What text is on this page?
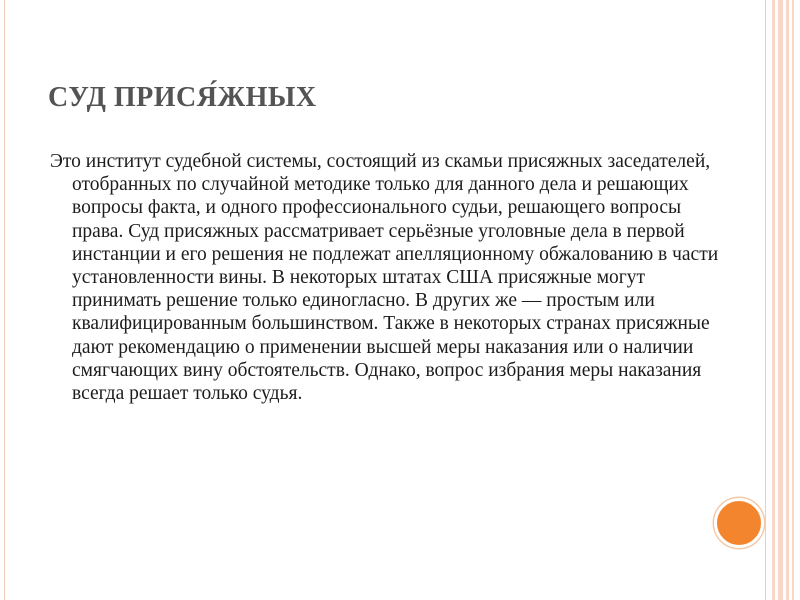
СУД ПРИСЯ́ЖНЫХ

Это институт судебной системы, состоящий из скамьи присяжных заседателей, отобранных по случайной методике только для данного дела и решающих вопросы факта, и одного профессионального судьи, решающего вопросы права. Суд присяжных рассматривает серьёзные уголовные дела в первой инстанции и его решения не подлежат апелляционному обжалованию в части установленности вины. В некоторых штатах США присяжные могут принимать решение только единогласно. В других же — простым или квалифицированным большинством. Также в некоторых странах присяжные дают рекомендацию о применении высшей меры наказания или о наличии смягчающих вину обстоятельств. Однако, вопрос избрания меры наказания всегда решает только судья.
